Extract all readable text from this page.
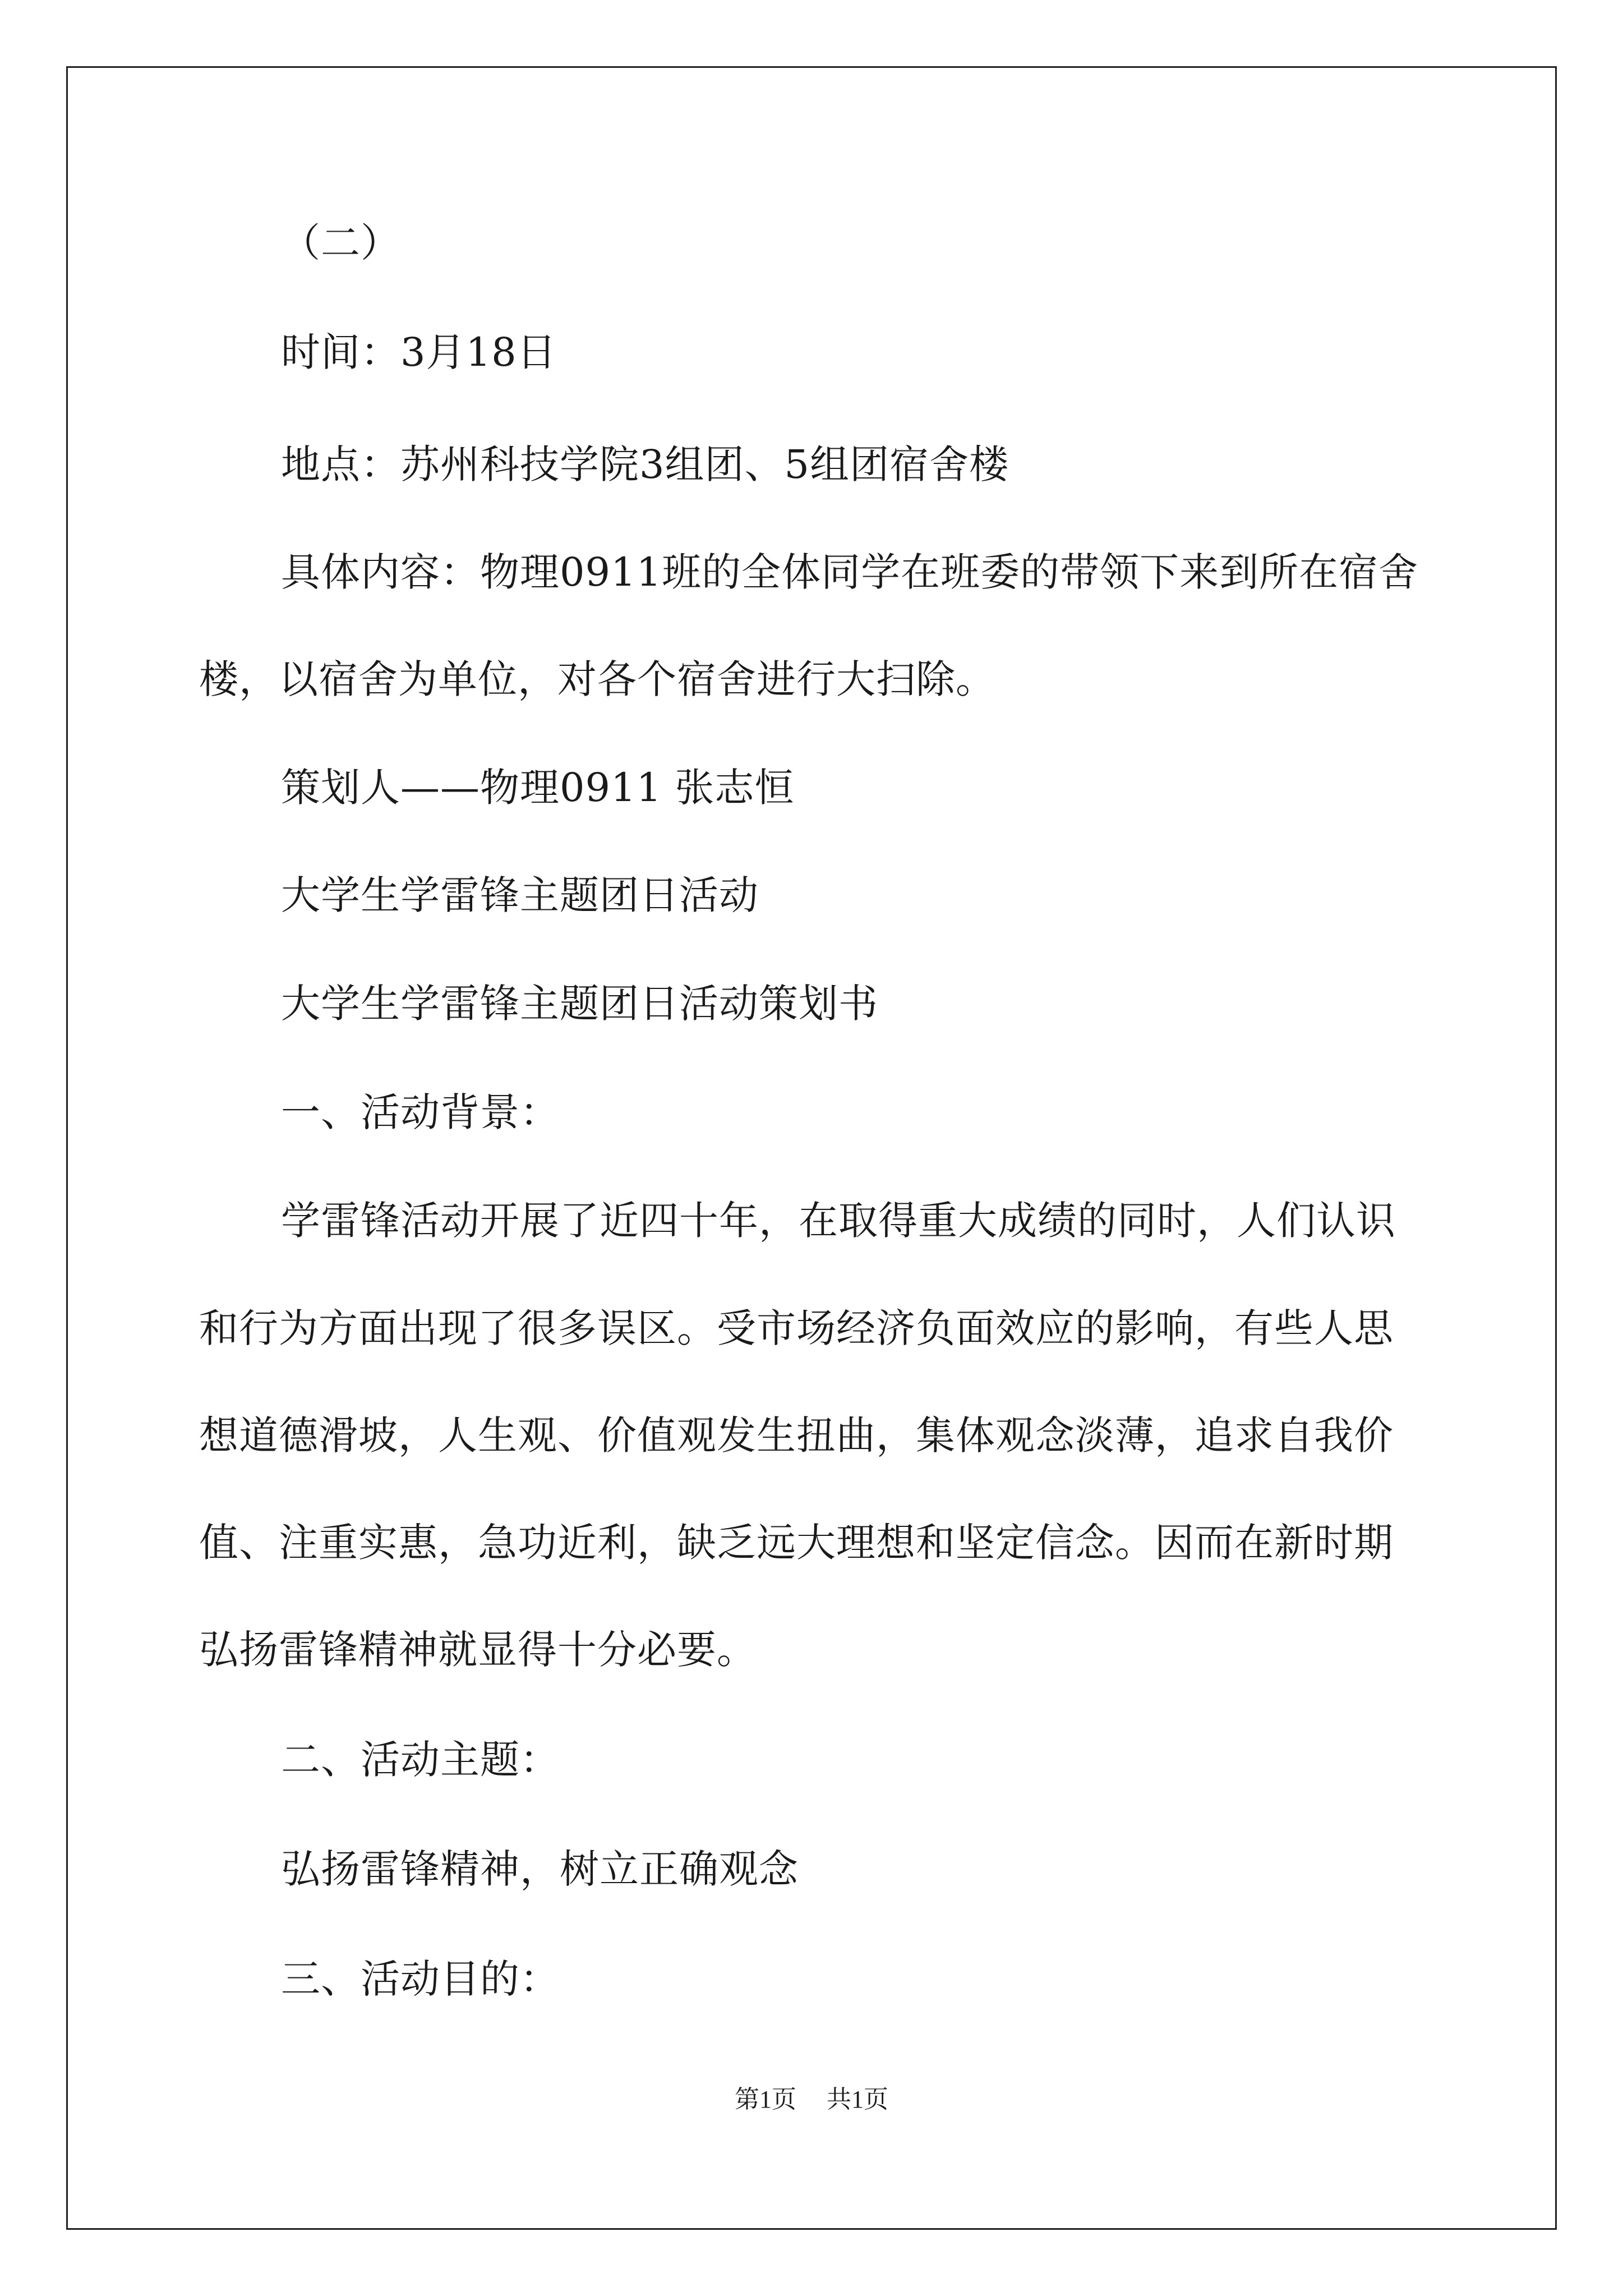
（二）
时间：3月18日
地点：苏州科技学院3组团、5组团宿舍楼
具体内容：物理0911班的全体同学在班委的带领下来到所在宿舍
楼，以宿舍为单位，对各个宿舍进行大扫除。
策划人——物理0911 张志恒
大学生学雷锋主题团日活动
大学生学雷锋主题团日活动策划书
一、活动背景：
学雷锋活动开展了近四十年，在取得重大成绩的同时，人们认识
和行为方面出现了很多误区。受市场经济负面效应的影响，有些人思
想道德滑坡，人生观、价值观发生扭曲，集体观念淡薄，追求自我价
值、注重实惠，急功近利，缺乏远大理想和坚定信念。因而在新时期
弘扬雷锋精神就显得十分必要。
二、活动主题：
弘扬雷锋精神，树立正确观念
三、活动目的：
第1页 共1页
